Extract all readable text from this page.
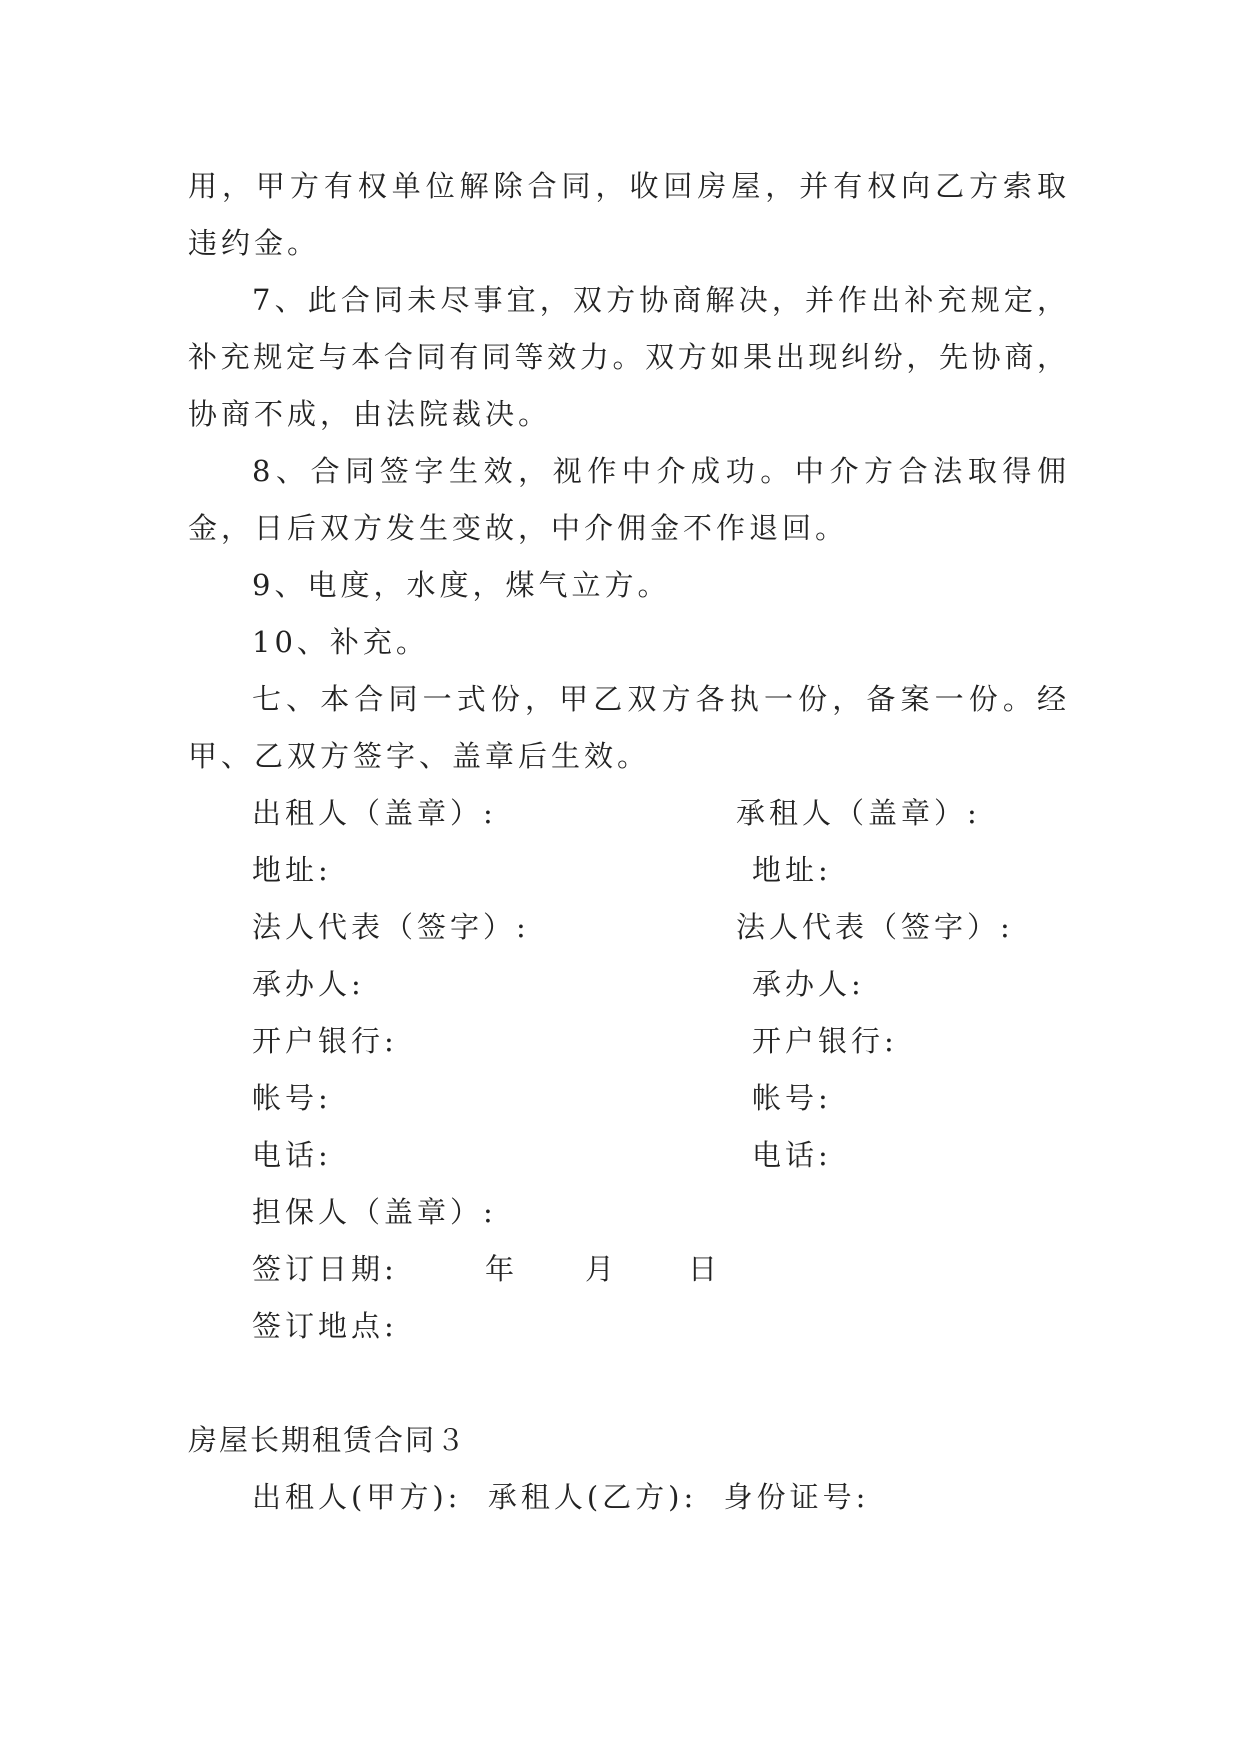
用，甲方有权单位解除合同，收回房屋，并有权向乙方索取
违约金。
7、此合同未尽事宜，双方协商解决，并作出补充规定，
补充规定与本合同有同等效力。双方如果出现纠纷，先协商，
协商不成，由法院裁决。
8、合同签字生效，视作中介成功。中介方合法取得佣
金，日后双方发生变故，中介佣金不作退回。
9、电度，水度，煤气立方。
10、补充。
七、本合同一式份，甲乙双方各执一份，备案一份。经
甲、乙双方签字、盖章后生效。
出租人（盖章）:	承租人（盖章）:
地址:	地址:
法人代表（签字）:	法人代表（签字）:
承办人:	承办人:
开户银行:	开户银行:
帐号:	帐号:
电话:	电话:
担保人（盖章）:
签订日期:	年 月 日
签订地点:
房屋长期租赁合同３
出租人(甲方):  承租人(乙方):  身份证号:
